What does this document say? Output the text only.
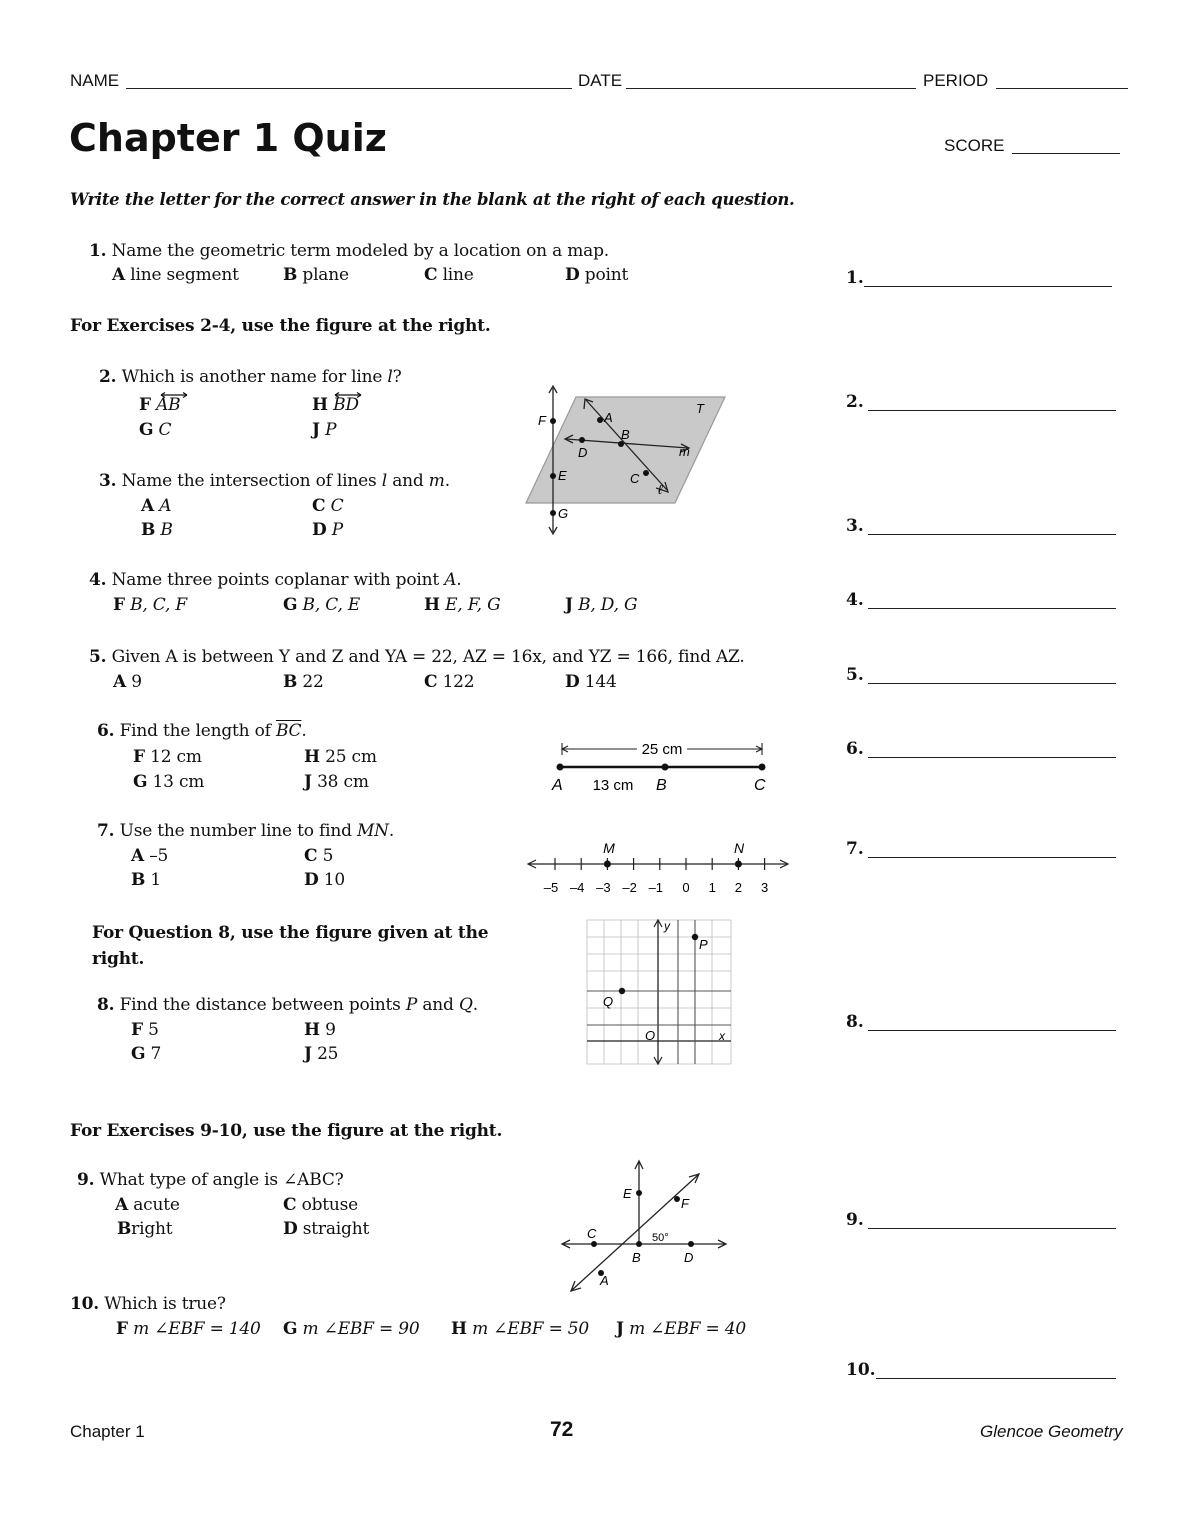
NAME	DATE	PERIOD
Chapter 1 Quiz	SCORE
Write the letter for the correct answer in the blank at the right of each question.
1. Name the geometric term modeled by a location on a map.
A line segment	B plane	C line	D point
For Exercises 2-4, use the figure at the right.
2. Which is another name for line l?
F AB	H BD
G C	J P
3. Name the intersection of lines l and m.
A A	C C
B B	D P
F	A
T
B
D	m
E	C
ℓ
G
4. Name three points coplanar with point A.
F B, C, F	G B, C, E	H E, F, G	J B, D, G
5. Given A is between Y and Z and YA = 22, AZ = 16x, and YZ = 166, find AZ.
A 9	B 22	C 122	D 144
6. Find the length of $\overline{BC}$.
F 12 cm	H 25 cm
G 13 cm	J 38 cm
25 cm
13 cm
A	B	C
7. Use the number line to find MN.
A –5	C 5
B 1	D 10
M	N
–5 –4 –3 –2 –1 0 1 2 3
For Question 8, use the figure given at the right.
8. Find the distance between points P and Q.
F 5	H 9
G 7	J 25
y
P
Q
O	x
For Exercises 9-10, use the figure at the right.
9. What type of angle is ∠ABC?
A acute	C obtuse
Bright	D straight
E
F
C	50°
B	D
A
10. Which is true?
F m ∠EBF = 140 G m ∠EBF = 90 H m ∠EBF = 50 J m ∠EBF = 40
1.
2.
3.
4.
5.
6.
7.
8.
9.
10.
Chapter 1	72	Glencoe Geometry
